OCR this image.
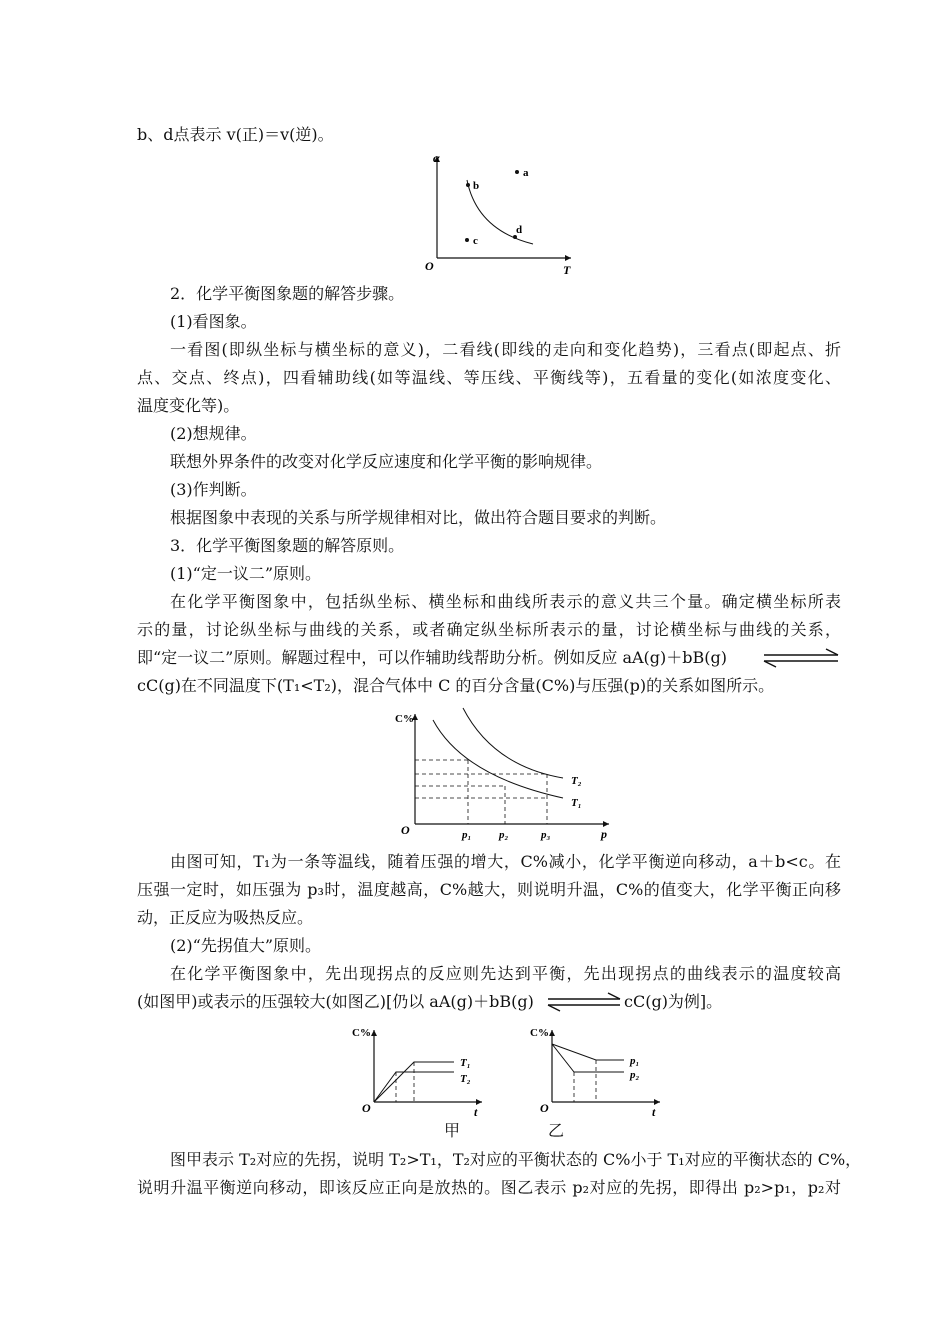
b、d点表示 v(正)＝v(逆)。
α
T
O
a
b
c
d
2．化学平衡图象题的解答步骤。
(1)看图象。
一看图(即纵坐标与横坐标的意义)，二看线(即线的走向和变化趋势)，三看点(即起点、折
点、交点、终点)，四看辅助线(如等温线、等压线、平衡线等)，五看量的变化(如浓度变化、
温度变化等)。
(2)想规律。
联想外界条件的改变对化学反应速度和化学平衡的影响规律。
(3)作判断。
根据图象中表现的关系与所学规律相对比，做出符合题目要求的判断。
3．化学平衡图象题的解答原则。
(1)“定一议二”原则。
在化学平衡图象中，包括纵坐标、横坐标和曲线所表示的意义共三个量。确定横坐标所表
示的量，讨论纵坐标与曲线的关系，或者确定纵坐标所表示的量，讨论横坐标与曲线的关系，
即“定一议二”原则。解题过程中，可以作辅助线帮助分析。例如反应 aA(g)＋bB(g)
cC(g)在不同温度下(T₁<T₂)，混合气体中 C 的百分含量(C%)与压强(p)的关系如图所示。
C%
p
O	p₁	p₂	p₃
T₂
T₁
由图可知，T₁为一条等温线，随着压强的增大，C%减小，化学平衡逆向移动，a＋b<c。在
压强一定时，如压强为 p₃时，温度越高，C%越大，则说明升温，C%的值变大，化学平衡正向移
动，正反应为吸热反应。
(2)“先拐值大”原则。
在化学平衡图象中，先出现拐点的反应则先达到平衡，先出现拐点的曲线表示的温度较高
(如图甲)或表示的压强较大(如图乙)[仍以 aA(g)＋bB(g)	cC(g)为例]。
C%
t
O
T₁
T₂
甲
C%
t
O
p₁
p₂
乙
图甲表示 T₂对应的先拐，说明 T₂>T₁，T₂对应的平衡状态的 C%小于 T₁对应的平衡状态的 C%，
说明升温平衡逆向移动，即该反应正向是放热的。图乙表示 p₂对应的先拐，即得出 p₂>p₁，p₂对
